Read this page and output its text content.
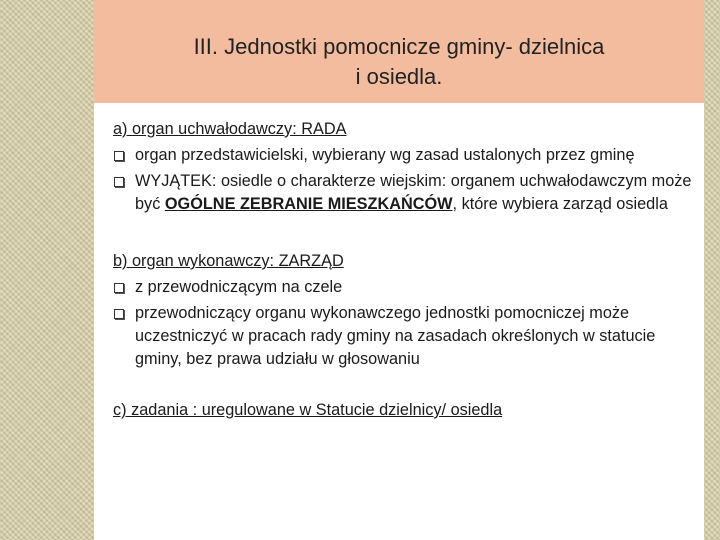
III. Jednostki pomocnicze gminy- dzielnica
i osiedla.
a) organ uchwałodawczy: RADA
organ przedstawicielski, wybierany wg zasad ustalonych przez gminę
WYJĄTEK: osiedle o charakterze wiejskim: organem uchwałodawczym może być OGÓLNE ZEBRANIE MIESZKAŃCÓW, które wybiera zarząd osiedla
b) organ wykonawczy: ZARZĄD
z przewodniczącym na czele
przewodniczący organu wykonawczego jednostki pomocniczej może uczestniczyć w pracach rady gminy na zasadach określonych w statucie gminy, bez prawa udziału w głosowaniu
c) zadania : uregulowane w Statucie dzielnicy/ osiedla
